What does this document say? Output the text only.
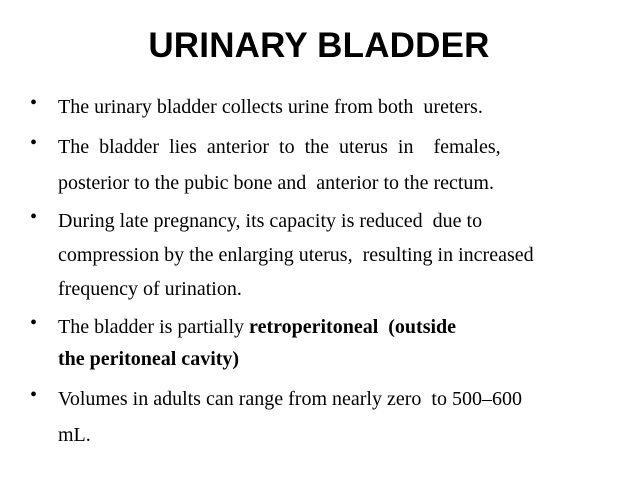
URINARY BLADDER
• The urinary bladder collects urine from both  ureters.
• The  bladder  lies  anterior  to  the  uterus  in    females,
posterior to the pubic bone and  anterior to the rectum.
• During late pregnancy, its capacity is reduced  due to
compression by the enlarging uterus,  resulting in increased
frequency of urination.
• The bladder is partially retroperitoneal  (outside
the peritoneal cavity)
• Volumes in adults can range from nearly zero  to 500–600
mL.
